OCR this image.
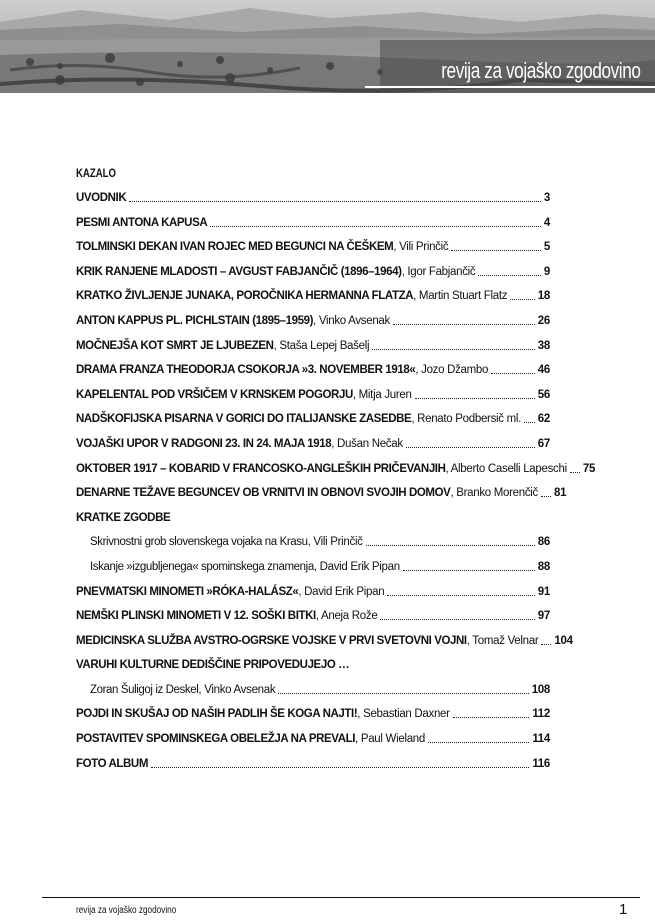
revija za vojaško zgodovino
KAZALO
UVODNIK	3
PESMI ANTONA KAPUSA	4
TOLMINSKI DEKAN IVAN ROJEC MED BEGUNCI NA ČEŠKEM, Vili Prinčič	5
KRIK RANJENE MLADOSTI – AVGUST FABJANČIČ (1896–1964), Igor Fabjančič	9
KRATKO ŽIVLJENJE JUNAKA, POROČNIKA HERMANNA FLATZA, Martin Stuart Flatz	18
ANTON KAPPUS PL. PICHLSTAIN (1895–1959), Vinko Avsenak	26
MOČNEJŠA KOT SMRT JE LJUBEZEN, Staša Lepej Bašelj	38
DRAMA FRANZA THEODORJA CSOKORJA »3. NOVEMBER 1918«, Jozo Džambo	46
KAPELENTAL POD VRŠIČEM V KRNSKEM POGORJU, Mitja Juren	56
NADŠKOFIJSKA PISARNA V GORICI DO ITALIJANSKE ZASEDBE, Renato Podbersič ml. 62
VOJAŠKI UPOR V RADGONI 23. IN 24. MAJA 1918, Dušan Nečak	67
OKTOBER 1917 – KOBARID V FRANCOSKO-ANGLEŠKIH PRIČEVANJIH, Alberto Caselli Lapeschi 75
DENARNE TEŽAVE BEGUNCEV OB VRNITVI IN OBNOVI SVOJIH DOMOV, Branko Morenčič 81
KRATKE ZGODBE
Skrivnostni grob slovenskega vojaka na Krasu, Vili Prinčič	86
Iskanje »izgubljenega« spominskega znamenja, David Erik Pipan	88
PNEVMATSKI MINOMETI »RÓKA-HALÁSZ«, David Erik Pipan	91
NEMŠKI PLINSKI MINOMETI V 12. SOŠKI BITKI, Aneja Rože	97
MEDICINSKA SLUŽBA AVSTRO-OGRSKE VOJSKE V PRVI SVETOVNI VOJNI, Tomaž Velnar 104
VARUHI KULTURNE DEDIŠČINE PRIPOVEDUJEJO …
Zoran Šuligoj iz Deskel, Vinko Avsenak	108
POJDI IN SKUŠAJ OD NAŠIH PADLIH ŠE KOGA NAJTI!, Sebastian Daxner	112
POSTAVITEV SPOMINSKEGA OBELEŽJA NA PREVALI, Paul Wieland	114
FOTO ALBUM	116
revija za vojaško zgodovino	1
